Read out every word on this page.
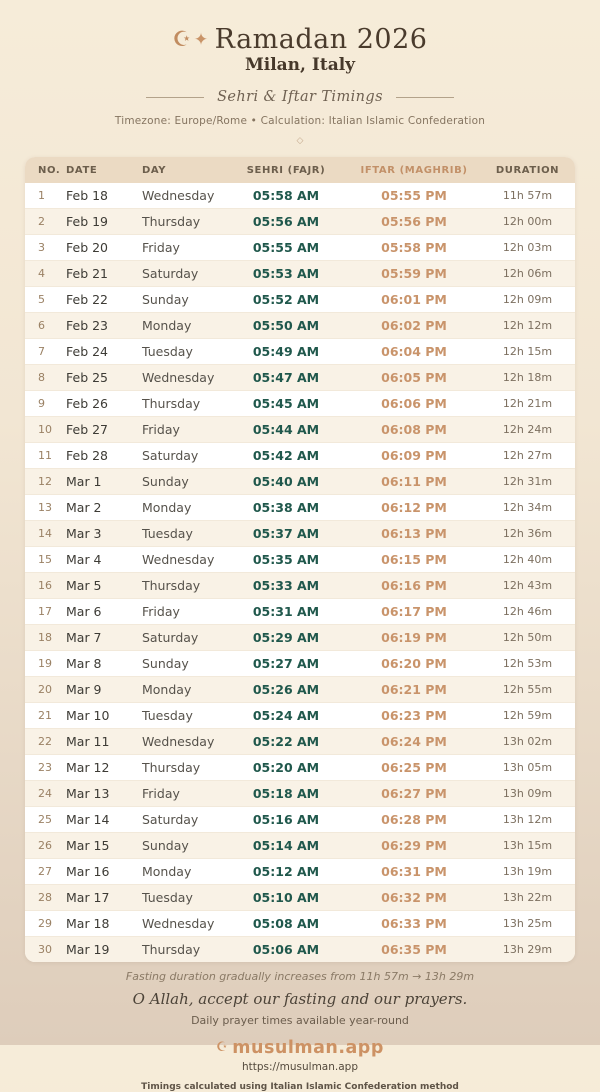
☪ ✦ Ramadan 2026
Milan, Italy
Sehri & Iftar Timings
Timezone: Europe/Rome • Calculation: Italian Islamic Confederation
◇
NO.	DATE	DAY	SEHRI (FAJR)	IFTAR (MAGHRIB)	DURATION
1	Feb 18	Wednesday	05:58 AM	05:55 PM	11h 57m
2	Feb 19	Thursday	05:56 AM	05:56 PM	12h 00m
3	Feb 20	Friday	05:55 AM	05:58 PM	12h 03m
4	Feb 21	Saturday	05:53 AM	05:59 PM	12h 06m
5	Feb 22	Sunday	05:52 AM	06:01 PM	12h 09m
6	Feb 23	Monday	05:50 AM	06:02 PM	12h 12m
7	Feb 24	Tuesday	05:49 AM	06:04 PM	12h 15m
8	Feb 25	Wednesday	05:47 AM	06:05 PM	12h 18m
9	Feb 26	Thursday	05:45 AM	06:06 PM	12h 21m
10	Feb 27	Friday	05:44 AM	06:08 PM	12h 24m
11	Feb 28	Saturday	05:42 AM	06:09 PM	12h 27m
12	Mar 1	Sunday	05:40 AM	06:11 PM	12h 31m
13	Mar 2	Monday	05:38 AM	06:12 PM	12h 34m
14	Mar 3	Tuesday	05:37 AM	06:13 PM	12h 36m
15	Mar 4	Wednesday	05:35 AM	06:15 PM	12h 40m
16	Mar 5	Thursday	05:33 AM	06:16 PM	12h 43m
17	Mar 6	Friday	05:31 AM	06:17 PM	12h 46m
18	Mar 7	Saturday	05:29 AM	06:19 PM	12h 50m
19	Mar 8	Sunday	05:27 AM	06:20 PM	12h 53m
20	Mar 9	Monday	05:26 AM	06:21 PM	12h 55m
21	Mar 10	Tuesday	05:24 AM	06:23 PM	12h 59m
22	Mar 11	Wednesday	05:22 AM	06:24 PM	13h 02m
23	Mar 12	Thursday	05:20 AM	06:25 PM	13h 05m
24	Mar 13	Friday	05:18 AM	06:27 PM	13h 09m
25	Mar 14	Saturday	05:16 AM	06:28 PM	13h 12m
26	Mar 15	Sunday	05:14 AM	06:29 PM	13h 15m
27	Mar 16	Monday	05:12 AM	06:31 PM	13h 19m
28	Mar 17	Tuesday	05:10 AM	06:32 PM	13h 22m
29	Mar 18	Wednesday	05:08 AM	06:33 PM	13h 25m
30	Mar 19	Thursday	05:06 AM	06:35 PM	13h 29m
Fasting duration gradually increases from 11h 57m → 13h 29m
O Allah, accept our fasting and our prayers.
Daily prayer times available year-round
☪ musulman.app
https://musulman.app
Timings calculated using Italian Islamic Confederation method
